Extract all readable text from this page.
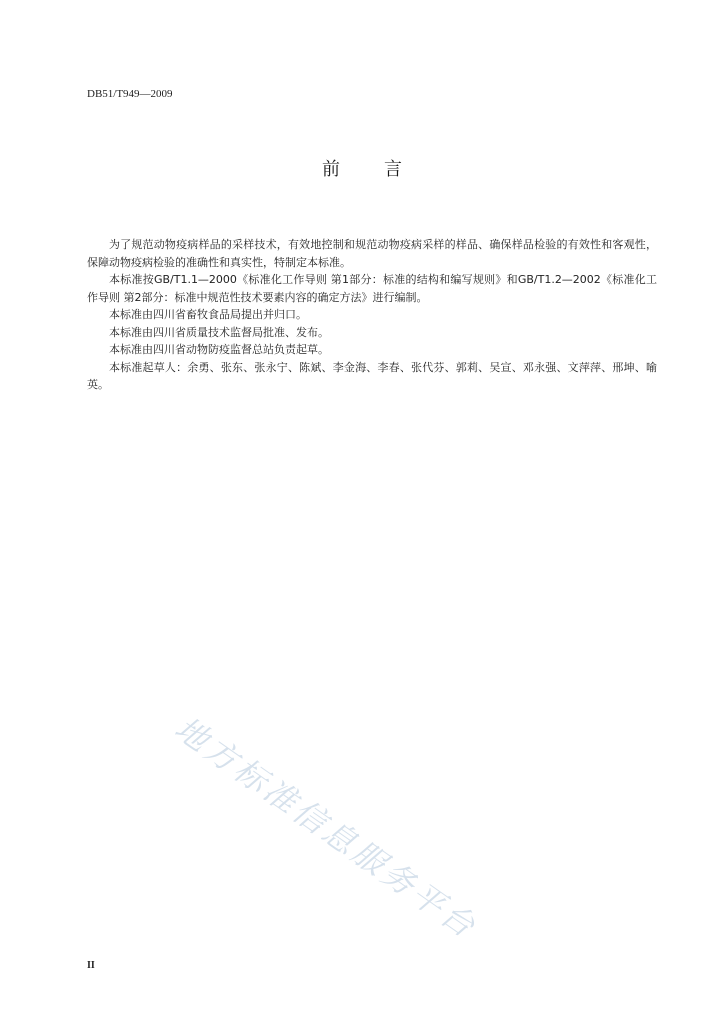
DB51/T949—2009
前 言

为了规范动物疫病样品的采样技术，有效地控制和规范动物疫病采样的样品、确保样品检验的有效性和客观性，保障动物疫病检验的准确性和真实性，特制定本标准。

本标准按GB/T1.1—2000《标准化工作导则 第1部分：标准的结构和编写规则》和GB/T1.2—2002《标准化工作导则 第2部分：标准中规范性技术要素内容的确定方法》进行编制。

本标准由四川省畜牧食品局提出并归口。

本标准由四川省质量技术监督局批准、发布。

本标准由四川省动物防疫监督总站负责起草。

本标准起草人：余勇、张东、张永宁、陈斌、李金海、李春、张代芬、郭莉、吴宣、邓永强、文萍萍、邢坤、喻英。

地方标准信息服务平台
II
